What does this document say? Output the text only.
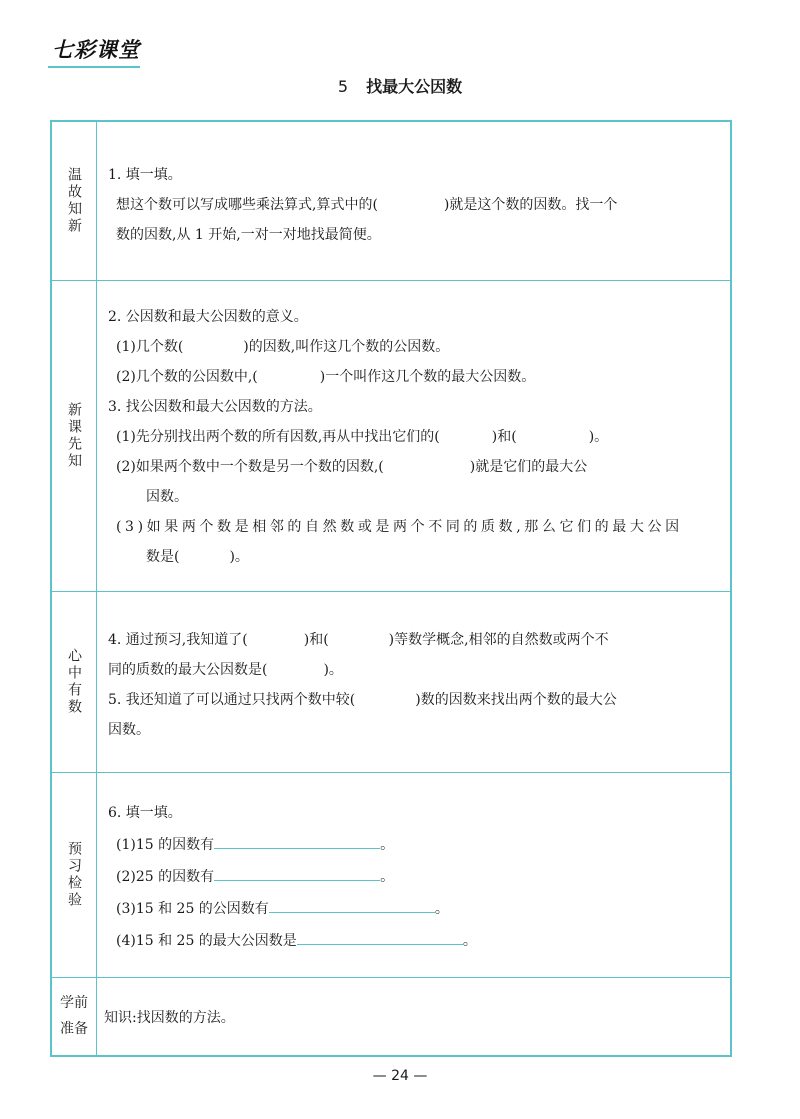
七彩课堂
5 找最大公因数
温故知新 1. 填一填。
想这个数可以写成哪些乘法算式,算式中的(	)就是这个数的因数。找一个
数的因数,从 1 开始,一对一对地找最简便。
新课先知
2. 公因数和最大公因数的意义。
(1)几个数(	)的因数,叫作这几个数的公因数。
(2)几个数的公因数中,(	)一个叫作这几个数的最大公因数。
3. 找公因数和最大公因数的方法。
(1)先分别找出两个数的所有因数,再从中找出它们的(	)和(	)。
(2)如果两个数中一个数是另一个数的因数,(	)就是它们的最大公
因数。
(3)如果两个数是相邻的自然数或是两个不同的质数,那么它们的最大公因
数是(	)。
心中有数
4. 通过预习,我知道了(	)和(	)等数学概念,相邻的自然数或两个不
同的质数的最大公因数是(	)。
5. 我还知道了可以通过只找两个数中较(	)数的因数来找出两个数的最大公
因数。
预习检验
6. 填一填。
(1)15 的因数有	。
(2)25 的因数有	。
(3)15 和 25 的公因数有	。
(4)15 和 25 的最大公因数是	。
学前
准备
知识:找因数的方法。
— 24 —
